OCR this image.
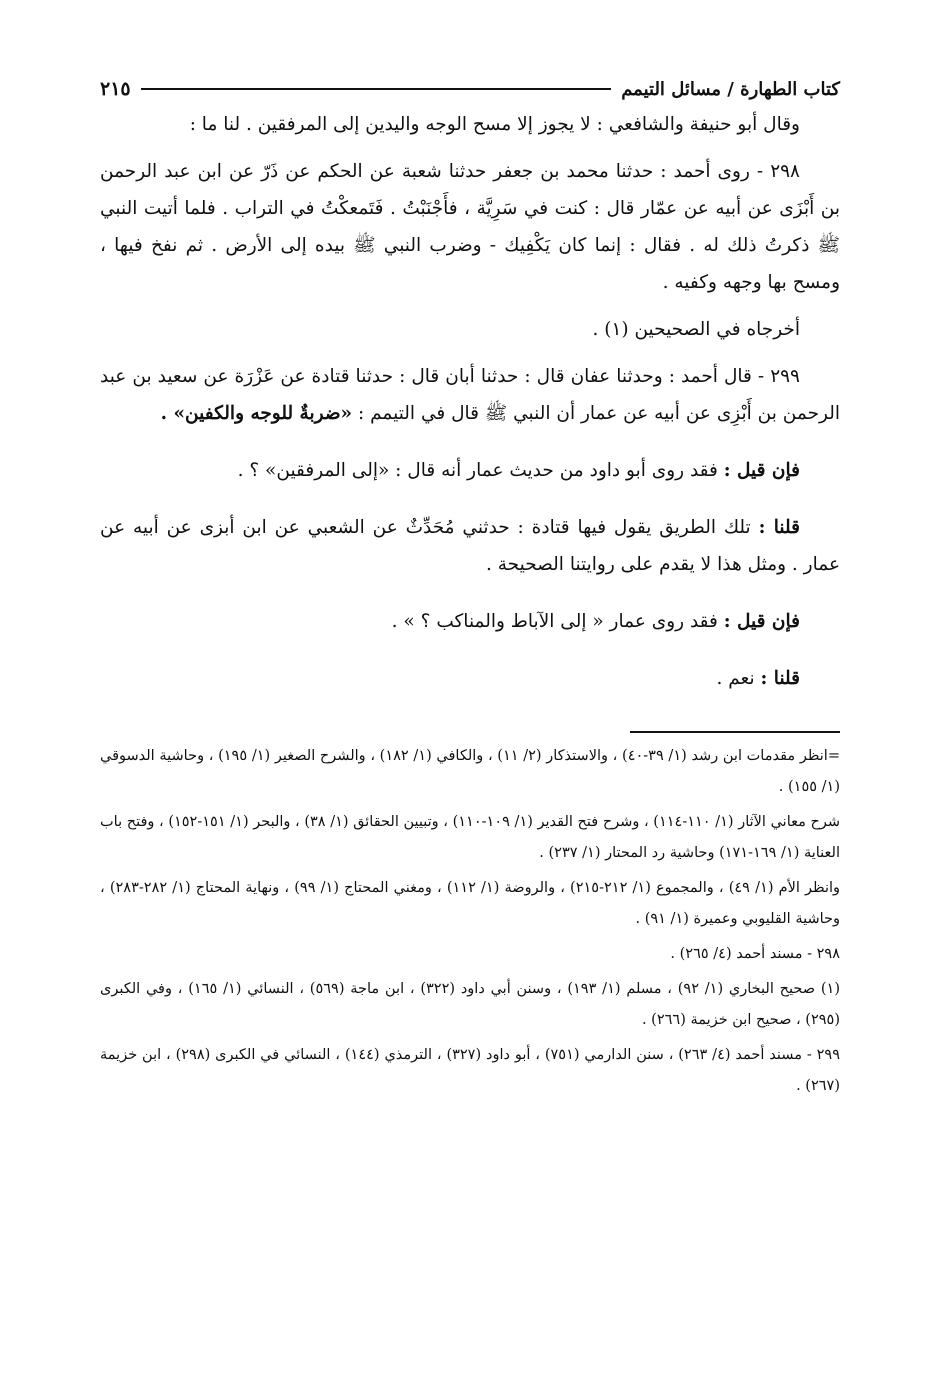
كتاب الطهارة / مسائل التيمم
٢١٥

وقال أبو حنيفة والشافعي : لا يجوز إلا مسح الوجه واليدين إلى المرفقين . لنا ما :

٢٩٨ - روى أحمد : حدثنا محمد بن جعفر حدثنا شعبة عن الحكم عن ذَرّ عن ابن عبد الرحمن بن أَبْزَى عن أبيه عن عمّار قال : كنت في سَرِيَّة ، فأَجْنَبْتُ . فَتَمعكْتُ في التراب . فلما أتيت النبي ﷺ ذكرتُ ذلك له . فقال : إنما كان يَكْفِيك - وضرب النبي ﷺ بيده إلى الأرض . ثم نفخ فيها ، ومسح بها وجهه وكفيه .

أخرجاه في الصحيحين (١) .

٢٩٩ - قال أحمد : وحدثنا عفان قال : حدثنا أبان قال : حدثنا قتادة عن عَزْرَة عن سعيد بن عبد الرحمن بن أَبْزِى عن أبيه عن عمار أن النبي ﷺ قال في التيمم : «ضربةٌ للوجه والكفين» .

فإن قيل : فقد روى أبو داود من حديث عمار أنه قال : «إلى المرفقين» ؟ .

قلنا : تلك الطريق يقول فيها قتادة : حدثني مُحَدِّثٌ عن الشعبي عن ابن أبزى عن أبيه عن عمار . ومثل هذا لا يقدم على روايتنا الصحيحة .

فإن قيل : فقد روى عمار « إلى الآباط والمناكب ؟ » .

قلنا : نعم .

=انظر مقدمات ابن رشد (١/ ٣٩-٤٠) ، والاستذكار (٢/ ١١) ، والكافي (١/ ١٨٢) ، والشرح الصغير (١/ ١٩٥) ، وحاشية الدسوقي (١/ ١٥٥) .

شرح معاني الآثار (١/ ١١٠-١١٤) ، وشرح فتح القدير (١/ ١٠٩-١١٠) ، وتبيين الحقائق (١/ ٣٨) ، والبحر (١/ ١٥١-١٥٢) ، وفتح باب العناية (١/ ١٦٩-١٧١) وحاشية رد المحتار (١/ ٢٣٧) .

وانظر الأم (١/ ٤٩) ، والمجموع (١/ ٢١٢-٢١٥) ، والروضة (١/ ١١٢) ، ومغني المحتاج (١/ ٩٩) ، ونهاية المحتاج (١/ ٢٨٢-٢٨٣) ، وحاشية القليوبي وعميرة (١/ ٩١) .

٢٩٨ - مسند أحمد (٤/ ٢٦٥) .

(١) صحيح البخاري (١/ ٩٢) ، مسلم (١/ ١٩٣) ، وسنن أبي داود (٣٢٢) ، ابن ماجة (٥٦٩) ، النسائي (١/ ١٦٥) ، وفي الكبرى (٢٩٥) ، صحيح ابن خزيمة (٢٦٦) .

٢٩٩ - مسند أحمد (٤/ ٢٦٣) ، سنن الدارمي (٧٥١) ، أبو داود (٣٢٧) ، الترمذي (١٤٤) ، النسائي في الكبرى (٢٩٨) ، ابن خزيمة (٢٦٧) .
